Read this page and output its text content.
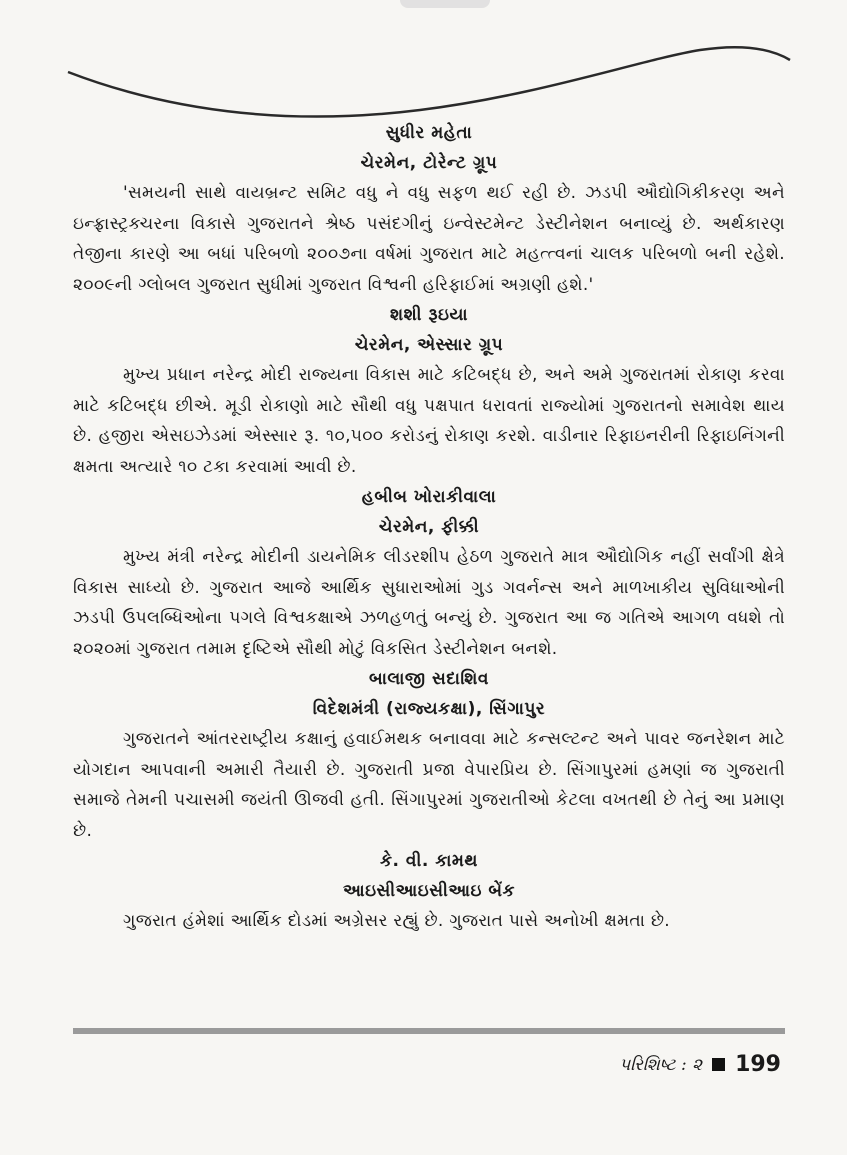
સુધીર મહેતા

ચેરમેન, ટોરેન્ટ ગ્રૂપ

'સમયની સાથે વાયબ્રન્ટ સમિટ વધુ ને વધુ સફળ થઈ રહી છે. ઝડપી ઔદ્યોગિકીકરણ અને ઇન્ફ્રાસ્ટ્રક્ચરના વિકાસે ગુજરાતને શ્રેષ્ઠ પસંદગીનું ઇન્વેસ્ટમેન્ટ ડેસ્ટીનેશન બનાવ્યું છે. અર્થકારણ તેજીના કારણે આ બધાં પરિબળો ૨૦૦૭ના વર્ષમાં ગુજરાત માટે મહત્ત્વનાં ચાલક પરિબળો બની રહેશે. ૨૦૦૯ની ગ્લોબલ ગુજરાત સુધીમાં ગુજરાત વિશ્વની હરિફાઈમાં અગ્રણી હશે.'

શશી રૂઇયા

ચેરમેન, એસ્સાર ગ્રૂપ

મુખ્ય પ્રધાન નરેન્દ્ર મોદી રાજ્યના વિકાસ માટે કટિબદ્ધ છે, અને અમે ગુજરાતમાં રોકાણ કરવા માટે કટિબદ્ધ છીએ. મૂડી રોકાણો માટે સૌથી વધુ પક્ષપાત ધરાવતાં રાજ્યોમાં ગુજરાતનો સમાવેશ થાય છે. હજીરા એસઇઝેડમાં એસ્સાર રૂ. ૧૦,૫૦૦ કરોડનું રોકાણ કરશે. વાડીનાર રિફાઇનરીની રિફાઇનિંગની ક્ષમતા અત્યારે ૧૦ ટકા કરવામાં આવી છે.

હબીબ ખોરાકીવાલા

ચેરમેન, ફીક્કી

મુખ્ય મંત્રી નરેન્દ્ર મોદીની ડાયનેમિક લીડરશીપ હેઠળ ગુજરાતે માત્ર ઔદ્યોગિક નહીં સર્વાંગી ક્ષેત્રે વિકાસ સાધ્યો છે. ગુજરાત આજે આર્થિક સુધારાઓમાં ગુડ ગવર્નન્સ અને માળખાકીય સુવિધાઓની ઝડપી ઉપલબ્ધિઓના પગલે વિશ્વકક્ષાએ ઝળહળતું બન્યું છે. ગુજરાત આ જ ગતિએ આગળ વધશે તો ૨૦૨૦માં ગુજરાત તમામ દૃષ્ટિએ સૌથી મોટું વિકસિત ડેસ્ટીનેશન બનશે.

બાલાજી સદાશિવ

વિદેશમંત્રી (રાજ્યકક્ષા), સિંગાપુર

ગુજરાતને આંતરરાષ્ટ્રીય કક્ષાનું હવાઈમથક બનાવવા માટે કન્સલ્ટન્ટ અને પાવર જનરેશન માટે યોગદાન આપવાની અમારી તૈયારી છે. ગુજરાતી પ્રજા વેપારપ્રિય છે. સિંગાપુરમાં હમણાં જ ગુજરાતી સમાજે તેમની પચાસમી જયંતી ઊજવી હતી. સિંગાપુરમાં ગુજરાતીઓ કેટલા વખતથી છે તેનું આ પ્રમાણ છે.

કે. વી. કામથ

આઇસીઆઇસીઆઇ બેંક

ગુજરાત હંમેશાં આર્થિક દોડમાં અગ્રેસર રહ્યું છે. ગુજરાત પાસે અનોખી ક્ષમતા છે.

પરિશિષ્ટ : ૨ 199
